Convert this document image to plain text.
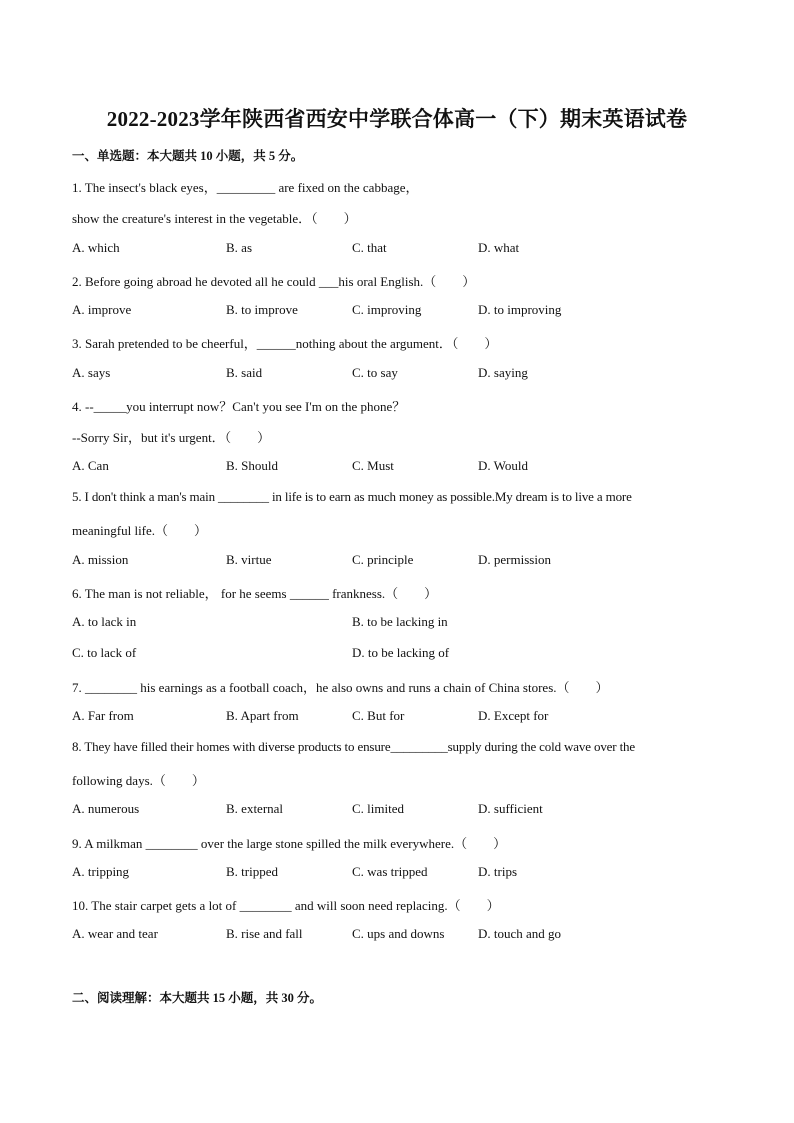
2022-2023学年陕西省西安中学联合体高一（下）期末英语试卷
一、单选题：本大题共 10 小题，共 5 分。
1. The insect's black eyes，_________ are fixed on the cabbage，
show the creature's interest in the vegetable．（　　）
A. which	B. as	C. that	D. what
2. Before going abroad he devoted all he could ___his oral English.（　　）
A. improve	B. to improve	C. improving	D. to improving
3. Sarah pretended to be cheerful，______nothing about the argument．（　　）
A. says	B. said	C. to say	D. saying
4. --_____you interrupt now？Can't you see I'm on the phone？
--Sorry Sir，but it's urgent．（　　）
A. Can	B. Should	C. Must	D. Would
5. I don't think a man's main ________ in life is to earn as much money as possible.My dream is to live a more
meaningful life.（　　）
A. mission	B. virtue	C. principle	D. permission
6. The man is not reliable， for he seems ______ frankness.（　　）
A. to lack in	B. to be lacking in
C. to lack of	D. to be lacking of
7. ________ his earnings as a football coach，he also owns and runs a chain of China stores.（　　）
A. Far from	B. Apart from	C. But for	D. Except for
8. They have filled their homes with diverse products to ensure_________supply during the cold wave over the
following days.（　　）
A. numerous	B. external	C. limited	D. sufficient
9. A milkman ________ over the large stone spilled the milk everywhere.（　　）
A. tripping	B. tripped	C. was tripped	D. trips
10. The stair carpet gets a lot of ________ and will soon need replacing.（　　）
A. wear and tear	B. rise and fall	C. ups and downs	D. touch and go
二、阅读理解：本大题共 15 小题，共 30 分。
